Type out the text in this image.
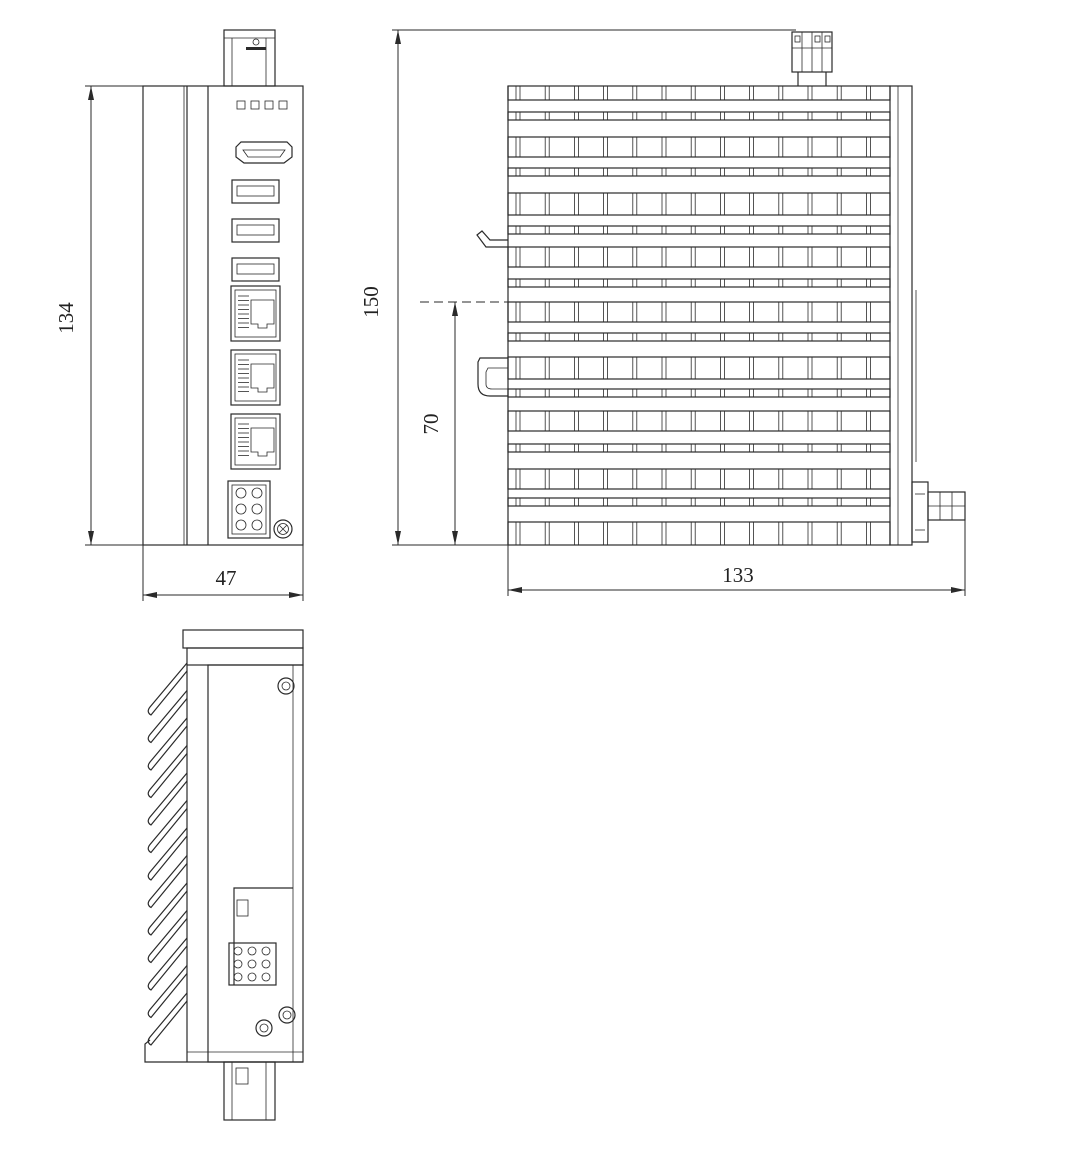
134
47
150
70
133
